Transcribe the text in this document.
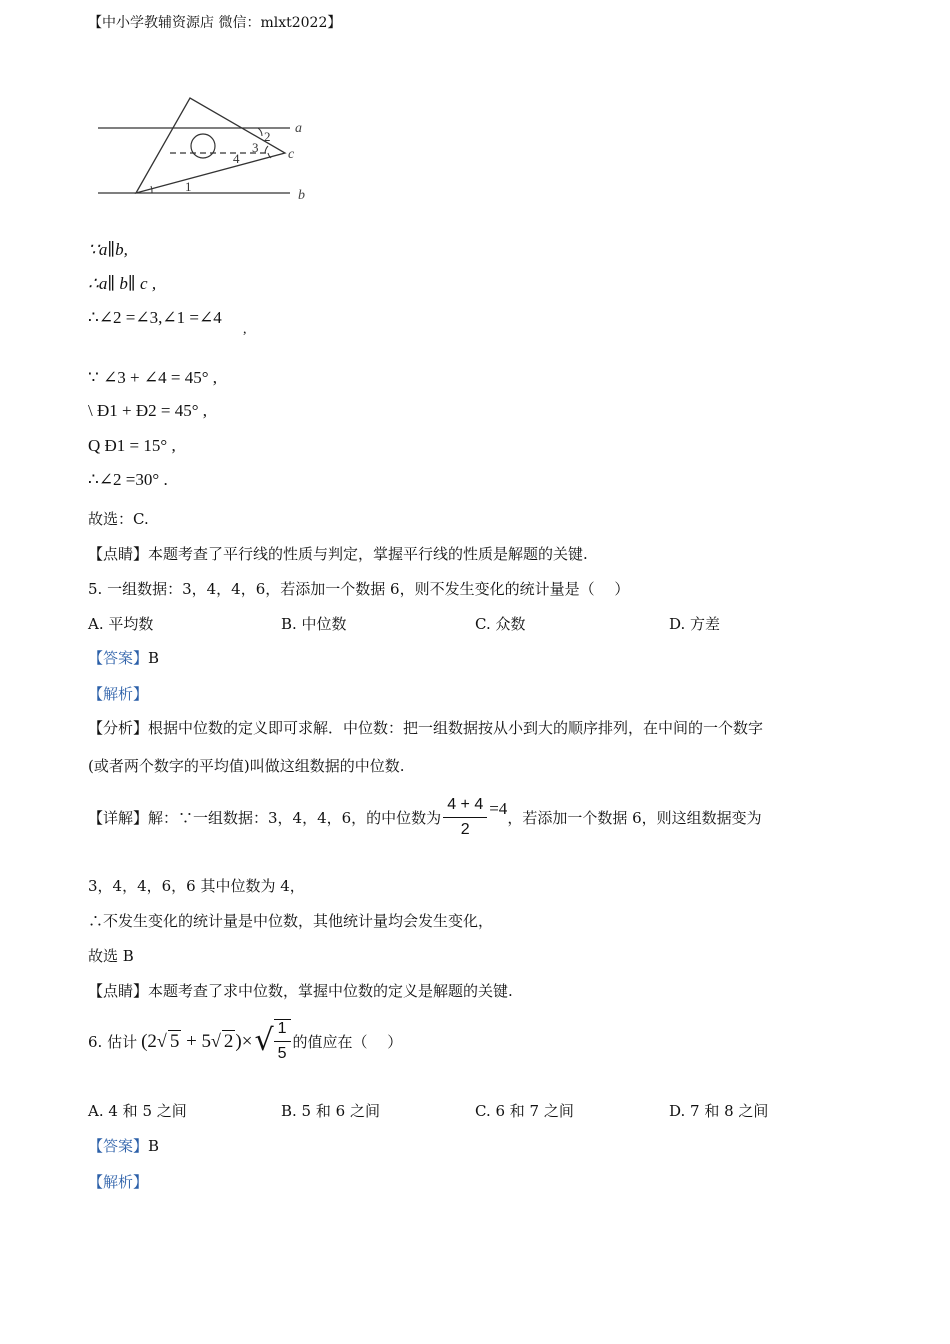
【中小学教辅资源店 微信：mlxt2022】
a
b
c
1
2
3
4
∵a∥b,
∴a∥ b∥ c ,
∴∠2 =∠3,∠1 =∠4
,
∵ ∠3 + ∠4 = 45° ,
\ Ð1 + Ð2 = 45° ,
Q Ð1 = 15° ,
∴∠2 =30° .
故选：C.
【点睛】本题考查了平行线的性质与判定，掌握平行线的性质是解题的关键.
5. 一组数据：3，4，4，6，若添加一个数据 6，则不发生变化的统计量是（　 ）
A. 平均数	B. 中位数	C. 众数	D. 方差
【答案】B
【解析】
【分析】根据中位数的定义即可求解．中位数：把一组数据按从小到大的顺序排列，在中间的一个数字
(或者两个数字的平均值)叫做这组数据的中位数.
【详解】解：∵一组数据：3，4，4，6，的中位数为 $\frac{4 + 4}{2} =4$ ，若添加一个数据 6，则这组数据变为
3，4，4，6，6 其中位数为 4，
∴不发生变化的统计量是中位数，其他统计量均会发生变化，
故选 B
【点睛】本题考查了求中位数，掌握中位数的定义是解题的关键.
6. 估计 (2√ 5 + 5√ 2 )× √ $\frac{1}{5}$ 的值应在（　 ）
A. 4 和 5 之间	B. 5 和 6 之间	C. 6 和 7 之间	D. 7 和 8 之间
【答案】B
【解析】
